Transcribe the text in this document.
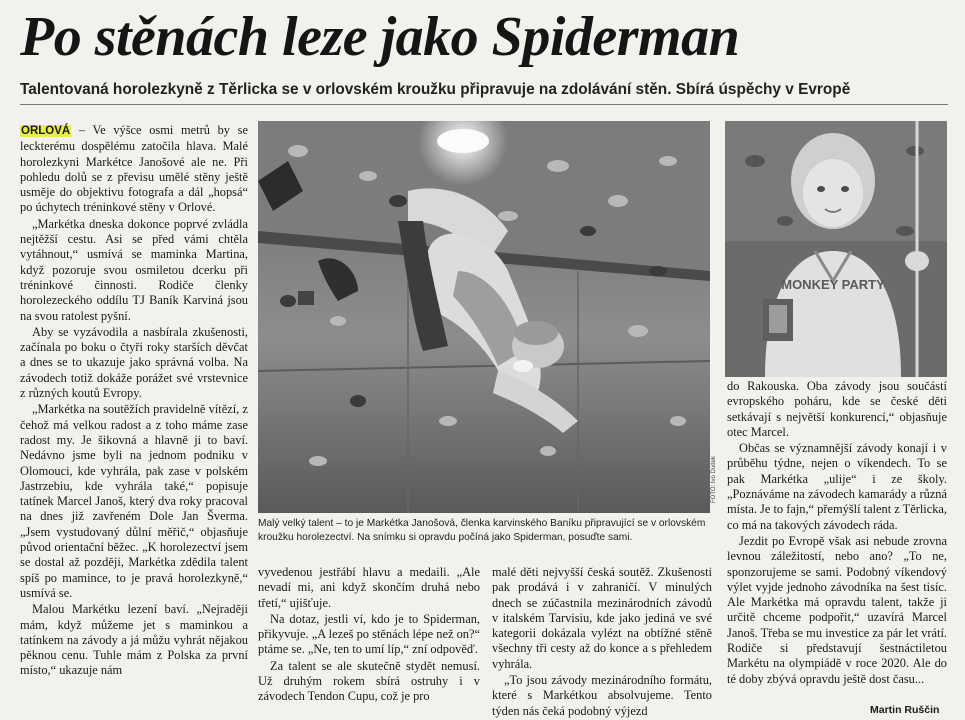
Po stěnách leze jako Spiderman

Talentovaná horolezkyně z Těrlicka se v orlovském kroužku připravuje na zdolávání stěn. Sbírá úspěchy v Evropě

ORLOVÁ – Ve výšce osmi metrů by se leckterému dospělému zatočila hlava. Malé horolezkyni Markétce Janošové ale ne. Při pohledu dolů se z převisu umělé stěny ještě usměje do objektivu fotografa a dál „hopsá“ po úchytech tréninkové stěny v Orlové.

„Markétka dneska dokonce poprvé zvládla nejtěžší cestu. Asi se před vámi chtěla vytáhnout,“ usmívá se maminka Martina, když pozoruje svou osmiletou dcerku při tréninkové činnosti. Rodiče členky horolezeckého oddílu TJ Baník Karviná jsou na svou ratolest pyšní.

Aby se vyzávodila a nasbírala zkušenosti, začínala po boku o čtyři roky starších děvčat a dnes se to ukazuje jako správná volba. Na závodech totiž dokáže porážet své vrstevnice z různých koutů Evropy.

„Markétka na soutěžích pravidelně vítězí, z čehož má velkou radost a z toho máme zase radost my. Je šikovná a hlavně ji to baví. Nedávno jsme byli na jednom podniku v Olomouci, kde vyhrála, pak zase v polském Jastrzebiu, kde vyhrála také,“ popisuje tatínek Marcel Janoš, který dva roky pracoval na dnes již zavřeném Dole Jan Šverma. „Jsem vystudovaný důlní měřič,“ objasňuje původ orientační běžec. „K horolezectví jsem se dostal až později, Markétka zdědila talent spíš po mamince, to je pravá horolezkyně,“ usmívá se.

Malou Markétku lezení baví. „Nejraději mám, když můžeme jet s maminkou a tatínkem na závody a já můžu vyhrát nějakou pěknou cenu. Tuhle mám z Polska za první místo,“ ukazuje nám

FOTO: Ivo Dudek
MONKEY PARTY

Malý velký talent – to je Markétka Janošová, členka karvinského Baníku připravující se v orlovském kroužku horolezectví. Na snímku si opravdu počíná jako Spiderman, posuďte sami.

vyvedenou jestřábí hlavu a medaili. „Ale nevadí mi, ani když skončím druhá nebo třetí,“ ujišťuje.

Na dotaz, jestli ví, kdo je to Spiderman, přikyvuje. „A lezeš po stěnách lépe než on?“ ptáme se. „Ne, ten to umí líp,“ zní odpověď.

Za talent se ale skutečně stydět nemusí. Už druhým rokem sbírá ostruhy i v závodech Tendon Cupu, což je pro

malé děti nejvyšší česká soutěž. Zkušenosti pak prodává i v zahraničí. V minulých dnech se zúčastnila mezinárodních závodů v italském Tarvisiu, kde jako jediná ve své kategorii dokázala vylézt na obtížné stěně všechny tři cesty až do konce a s přehledem vyhrála.

„To jsou závody mezinárodního formátu, které s Markétkou absolvujeme. Tento týden nás čeká podobný výjezd

do Rakouska. Oba závody jsou součástí evropského poháru, kde se české děti setkávají s největší konkurencí,“ objasňuje otec Marcel.

Občas se významnější závody konají i v průběhu týdne, nejen o víkendech. To se pak Markétka „ulije“ i ze školy. „Poznáváme na závodech kamarády a různá místa. Je to fajn,“ přemýšlí talent z Těrlicka, co má na takových závodech ráda.

Jezdit po Evropě však asi nebude zrovna levnou záležitostí, nebo ano? „To ne, sponzorujeme se sami. Podobný víkendový výlet vyjde jednoho závodníka na šest tisíc. Ale Markétka má opravdu talent, takže ji určitě chceme podpořit,“ uzavírá Marcel Janoš. Třeba se mu investice za pár let vrátí. Rodiče si představují šestnáctiletou Markétu na olympiádě v roce 2020. Ale do té doby zbývá opravdu ještě dost času...

Martin Ruščin
